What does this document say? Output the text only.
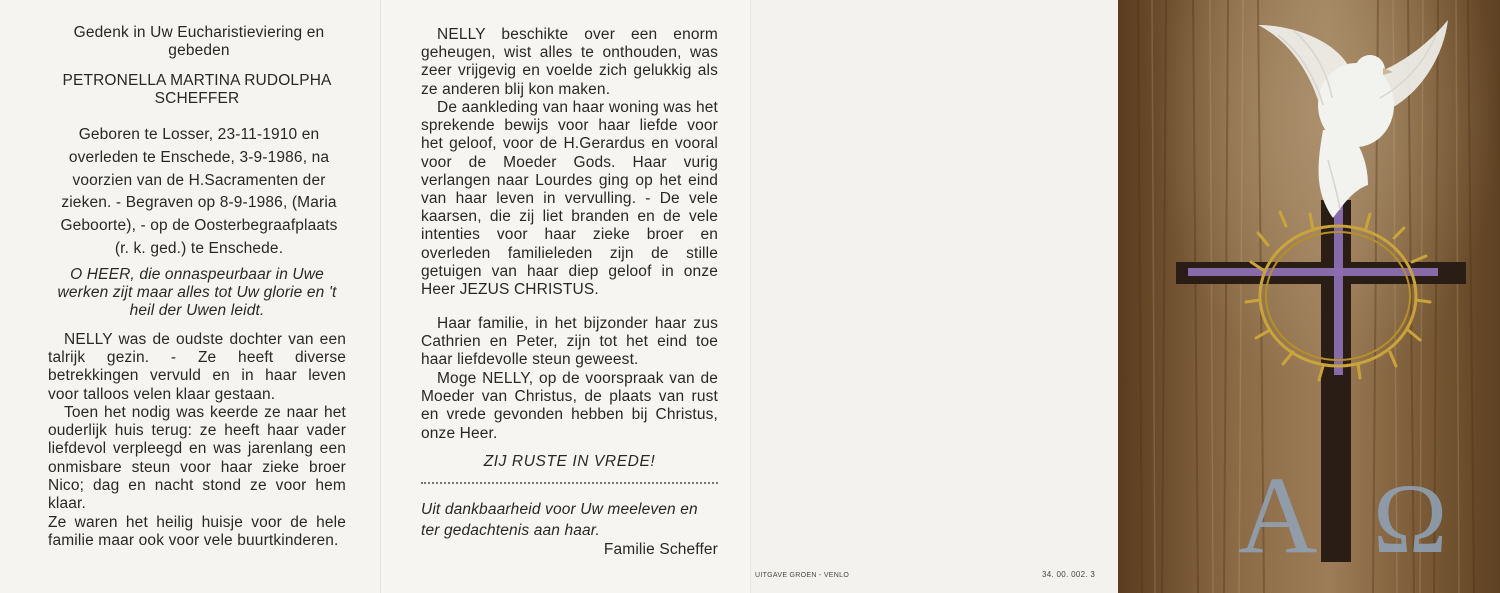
Gedenk in Uw Eucharistieviering en gebeden
PETRONELLA MARTINA RUDOLPHA
SCHEFFER
Geboren te Losser, 23-11-1910 en overleden te Enschede, 3-9-1986, na voorzien van de H.Sacramenten der zieken. - Begraven op 8-9-1986, (Maria Geboorte), - op de Oosterbegraafplaats (r. k. ged.) te Enschede.
O HEER, die onnaspeurbaar in Uwe werken zijt maar alles tot Uw glorie en 't heil der Uwen leidt.
NELLY was de oudste dochter van een talrijk gezin. - Ze heeft diverse betrekkingen vervuld en in haar leven voor talloos velen klaar gestaan.
Toen het nodig was keerde ze naar het ouderlijk huis terug: ze heeft haar vader liefdevol verpleegd en was jarenlang een onmisbare steun voor haar zieke broer Nico; dag en nacht stond ze voor hem klaar.
Ze waren het heilig huisje voor de hele familie maar ook voor vele buurtkinderen.
NELLY beschikte over een enorm geheugen, wist alles te onthouden, was zeer vrijgevig en voelde zich gelukkig als ze anderen blij kon maken.
De aankleding van haar woning was het sprekende bewijs voor haar liefde voor het geloof, voor de H.Gerardus en vooral voor de Moeder Gods. Haar vurig verlangen naar Lourdes ging op het eind van haar leven in vervulling. - De vele kaarsen, die zij liet branden en de vele intenties voor haar zieke broer en overleden familieleden zijn de stille getuigen van haar diep geloof in onze Heer JEZUS CHRISTUS.
Haar familie, in het bijzonder haar zus Cathrien en Peter, zijn tot het eind toe haar liefdevolle steun geweest.
Moge NELLY, op de voorspraak van de Moeder van Christus, de plaats van rust en vrede gevonden hebben bij Christus, onze Heer.
ZIJ RUSTE IN VREDE!
Uit dankbaarheid voor Uw meeleven en ter gedachtenis aan haar.
Familie Scheffer
UITGAVE GROEN - VENLO	34. 00. 002. 3 A Ω
